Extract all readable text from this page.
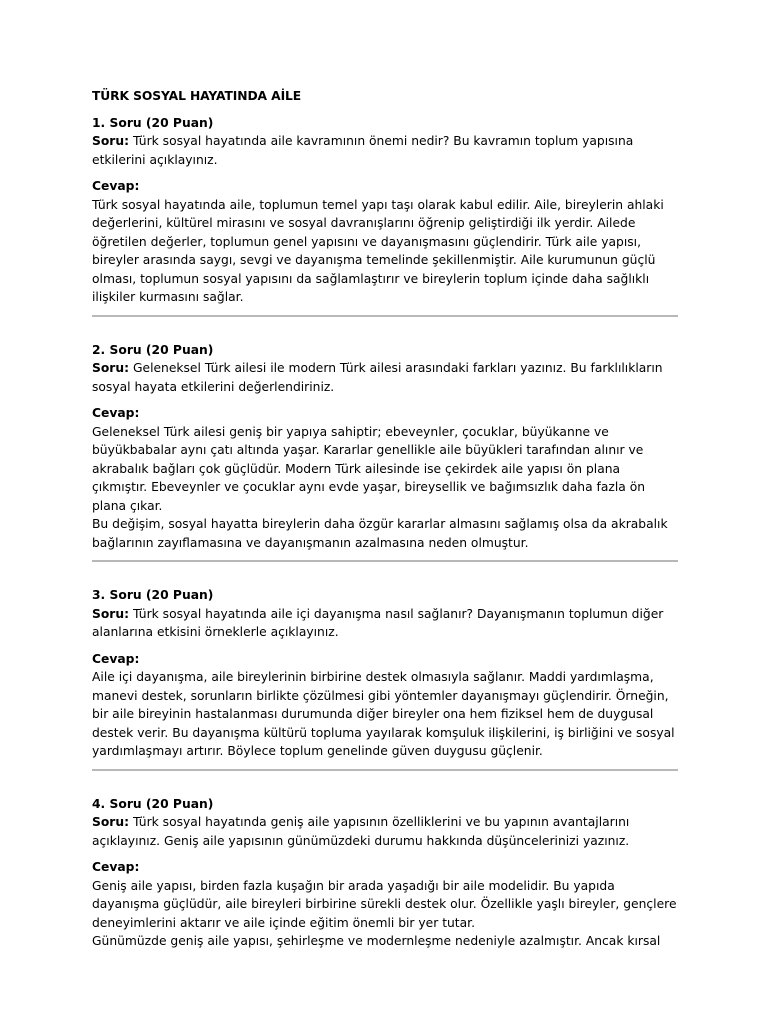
TÜRK SOSYAL HAYATINDA AİLE

1. Soru (20 Puan)

Soru: Türk sosyal hayatında aile kavramının önemi nedir? Bu kavramın toplum yapısına etkilerini açıklayınız.

Cevap:

Türk sosyal hayatında aile, toplumun temel yapı taşı olarak kabul edilir. Aile, bireylerin ahlaki değerlerini, kültürel mirasını ve sosyal davranışlarını öğrenip geliştirdiği ilk yerdir. Ailede öğretilen değerler, toplumun genel yapısını ve dayanışmasını güçlendirir. Türk aile yapısı, bireyler arasında saygı, sevgi ve dayanışma temelinde şekillenmiştir. Aile kurumunun güçlü olması, toplumun sosyal yapısını da sağlamlaştırır ve bireylerin toplum içinde daha sağlıklı ilişkiler kurmasını sağlar.

2. Soru (20 Puan)

Soru: Geleneksel Türk ailesi ile modern Türk ailesi arasındaki farkları yazınız. Bu farklılıkların sosyal hayata etkilerini değerlendiriniz.

Cevap:

Geleneksel Türk ailesi geniş bir yapıya sahiptir; ebeveynler, çocuklar, büyükanne ve büyükbabalar aynı çatı altında yaşar. Kararlar genellikle aile büyükleri tarafından alınır ve akrabalık bağları çok güçlüdür. Modern Türk ailesinde ise çekirdek aile yapısı ön plana çıkmıştır. Ebeveynler ve çocuklar aynı evde yaşar, bireysellik ve bağımsızlık daha fazla ön plana çıkar.

Bu değişim, sosyal hayatta bireylerin daha özgür kararlar almasını sağlamış olsa da akrabalık bağlarının zayıflamasına ve dayanışmanın azalmasına neden olmuştur.

3. Soru (20 Puan)

Soru: Türk sosyal hayatında aile içi dayanışma nasıl sağlanır? Dayanışmanın toplumun diğer alanlarına etkisini örneklerle açıklayınız.

Cevap:

Aile içi dayanışma, aile bireylerinin birbirine destek olmasıyla sağlanır. Maddi yardımlaşma, manevi destek, sorunların birlikte çözülmesi gibi yöntemler dayanışmayı güçlendirir. Örneğin, bir aile bireyinin hastalanması durumunda diğer bireyler ona hem fiziksel hem de duygusal destek verir. Bu dayanışma kültürü topluma yayılarak komşuluk ilişkilerini, iş birliğini ve sosyal yardımlaşmayı artırır. Böylece toplum genelinde güven duygusu güçlenir.

4. Soru (20 Puan)

Soru: Türk sosyal hayatında geniş aile yapısının özelliklerini ve bu yapının avantajlarını açıklayınız. Geniş aile yapısının günümüzdeki durumu hakkında düşüncelerinizi yazınız.

Cevap:

Geniş aile yapısı, birden fazla kuşağın bir arada yaşadığı bir aile modelidir. Bu yapıda dayanışma güçlüdür, aile bireyleri birbirine sürekli destek olur. Özellikle yaşlı bireyler, gençlere deneyimlerini aktarır ve aile içinde eğitim önemli bir yer tutar.

Günümüzde geniş aile yapısı, şehirleşme ve modernleşme nedeniyle azalmıştır. Ancak kırsal
